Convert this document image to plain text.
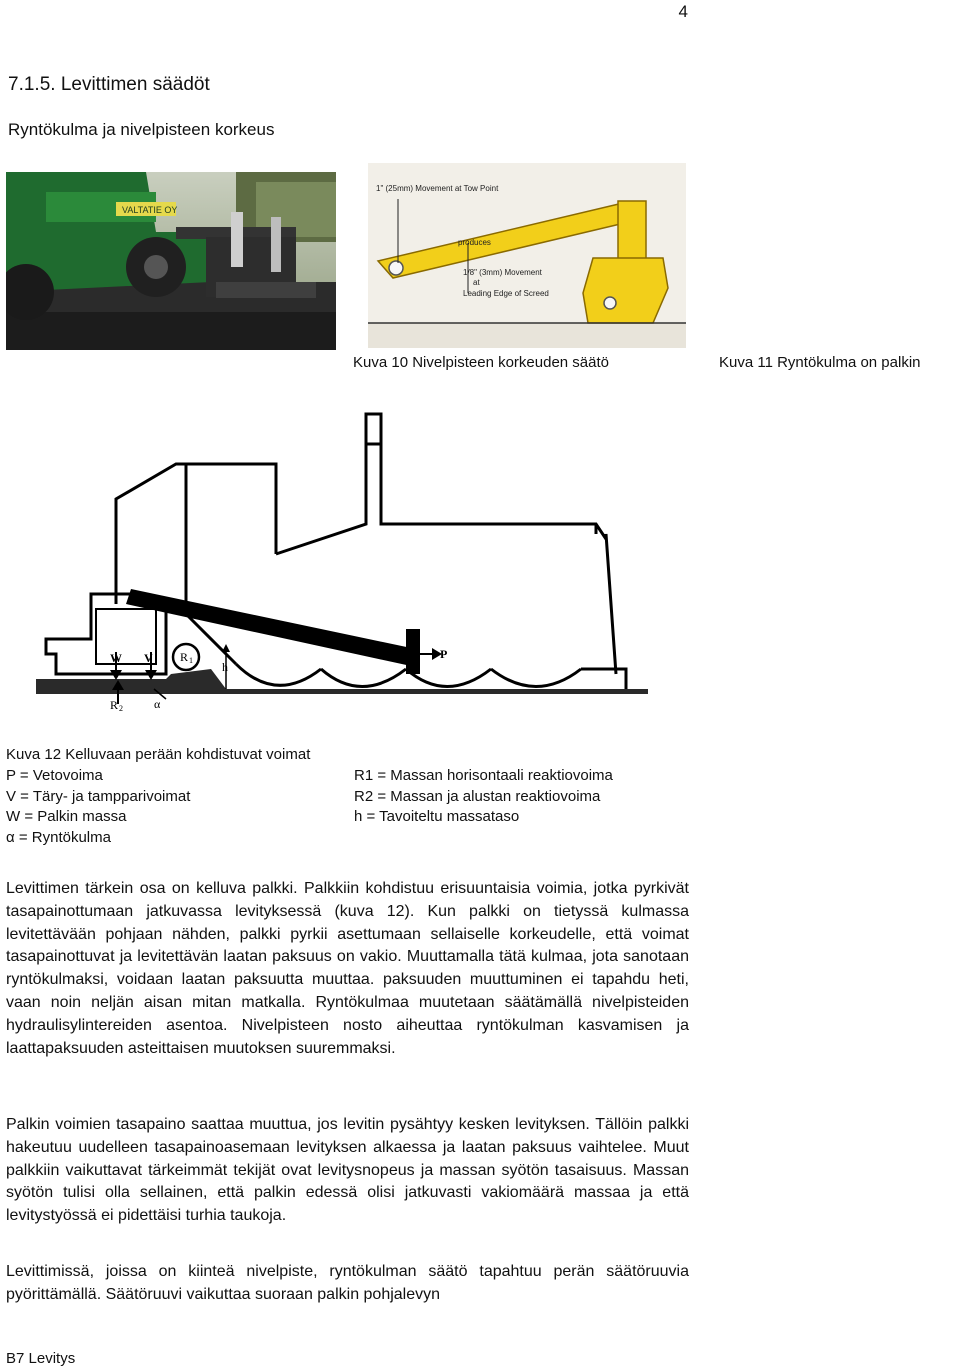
4
7.1.5. Levittimen säädöt
Ryntökulma ja nivelpisteen korkeus
VALTATIE OY
1" (25mm) Movement at Tow Point
produces
1/8" (3mm) Movement
at
Leading Edge of Screed
Kuva 10 Nivelpisteen korkeuden säätö	Kuva 11 Ryntökulma on palkin
W V R 1 h
P
R 2	α
Kuva 12 Kelluvaan perään kohdistuvat voimat
P = Vetovoima
V = Täry- ja tampparivoimat
W = Palkin massa
α = Ryntökulma
R1 = Massan horisontaali reaktiovoima
R2 = Massan ja alustan reaktiovoima
h = Tavoiteltu massataso

Levittimen tärkein osa on kelluva palkki. Palkkiin kohdistuu erisuuntaisia voimia, jotka pyrkivät tasapainottumaan jatkuvassa levityksessä (kuva 12). Kun palkki on tietyssä kulmassa levitettävään pohjaan nähden, palkki pyrkii asettumaan sellaiselle korkeudelle, että voimat tasapainottuvat ja levitettävän laatan paksuus on vakio. Muuttamalla tätä kulmaa, jota sanotaan ryntökulmaksi, voidaan laatan paksuutta muuttaa. paksuuden muuttuminen ei tapahdu heti, vaan noin neljän aisan mitan matkalla. Ryntökulmaa muutetaan säätämällä nivelpisteiden hydraulisylintereiden asentoa. Nivelpisteen nosto aiheuttaa ryntökulman kasvamisen ja laattapaksuuden asteittaisen muutoksen suuremmaksi.

Palkin voimien tasapaino saattaa muuttua, jos levitin pysähtyy kesken levityksen. Tällöin palkki hakeutuu uudelleen tasapainoasemaan levityksen alkaessa ja laatan paksuus vaihtelee. Muut palkkiin vaikuttavat tärkeimmät tekijät ovat levitysnopeus ja massan syötön tasaisuus. Massan syötön tulisi olla sellainen, että palkin edessä olisi jatkuvasti vakiomäärä massaa ja että levitystyössä ei pidettäisi turhia taukoja.

Levittimissä, joissa on kiinteä nivelpiste, ryntökulman säätö tapahtuu perän säätöruuvia pyörittämällä. Säätöruuvi vaikuttaa suoraan palkin pohjalevyn

B7 Levitys
